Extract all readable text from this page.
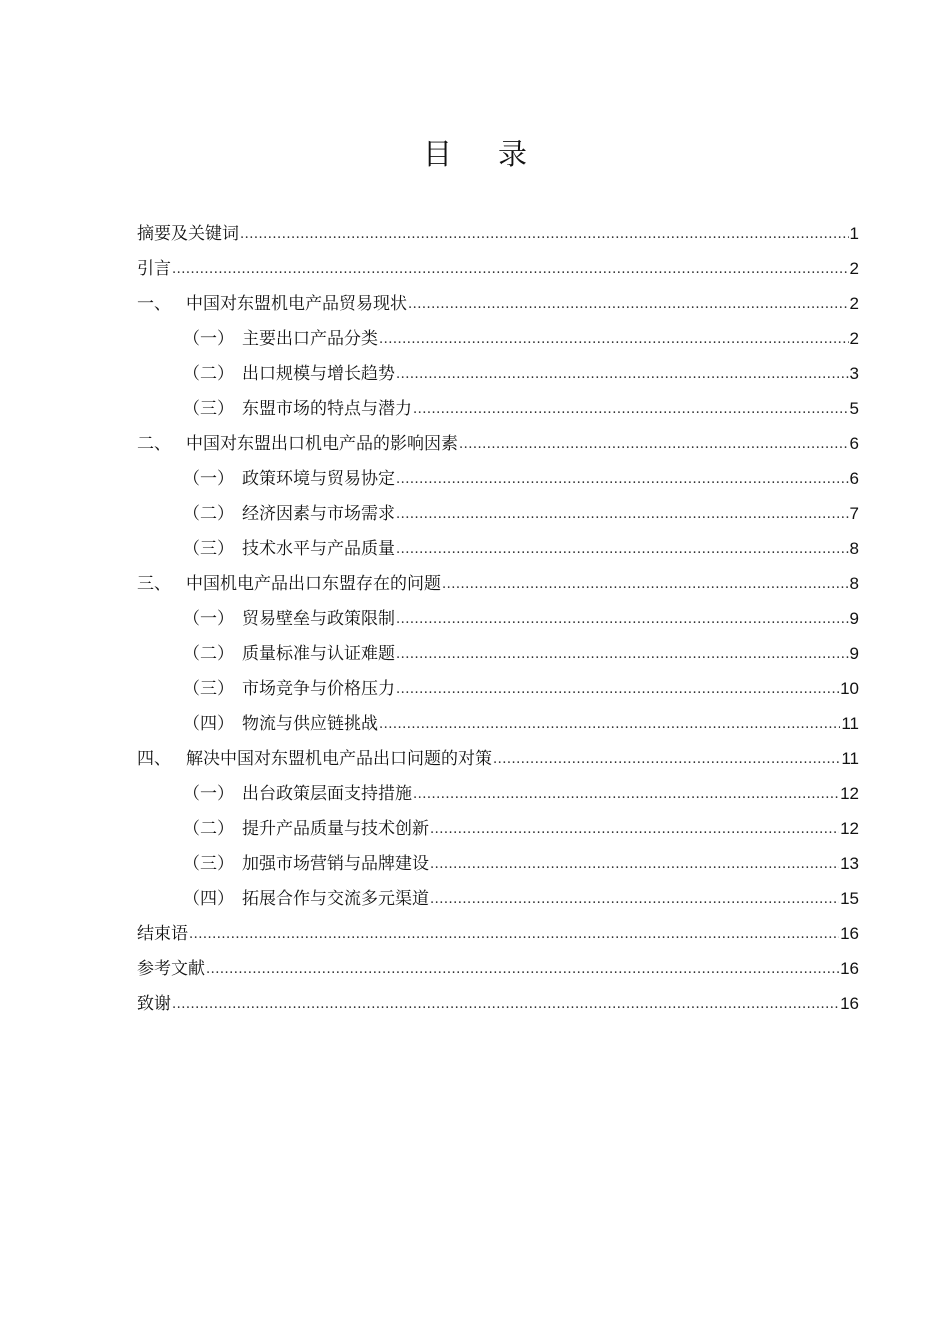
目 录
摘要及关键词 .....	1
引言 .....	2
一、 中国对东盟机电产品贸易现状 .....	2
（一） 主要出口产品分类 .....	2
（二） 出口规模与增长趋势 .....	3
（三） 东盟市场的特点与潜力 .....	5
二、 中国对东盟出口机电产品的影响因素 .....	6
（一） 政策环境与贸易协定 .....	6
（二） 经济因素与市场需求 .....	7
（三） 技术水平与产品质量 .....	8
三、 中国机电产品出口东盟存在的问题 .....	8
（一） 贸易壁垒与政策限制 .....	9
（二） 质量标准与认证难题 .....	9
（三） 市场竞争与价格压力 .....	10
（四） 物流与供应链挑战 .....	11
四、 解决中国对东盟机电产品出口问题的对策 .....	11
（一） 出台政策层面支持措施 .....	12
（二） 提升产品质量与技术创新 .....	12
（三） 加强市场营销与品牌建设 .....	13
（四） 拓展合作与交流多元渠道 .....	15
结束语 .....	16
参考文献 .....	16
致谢 .....	16
